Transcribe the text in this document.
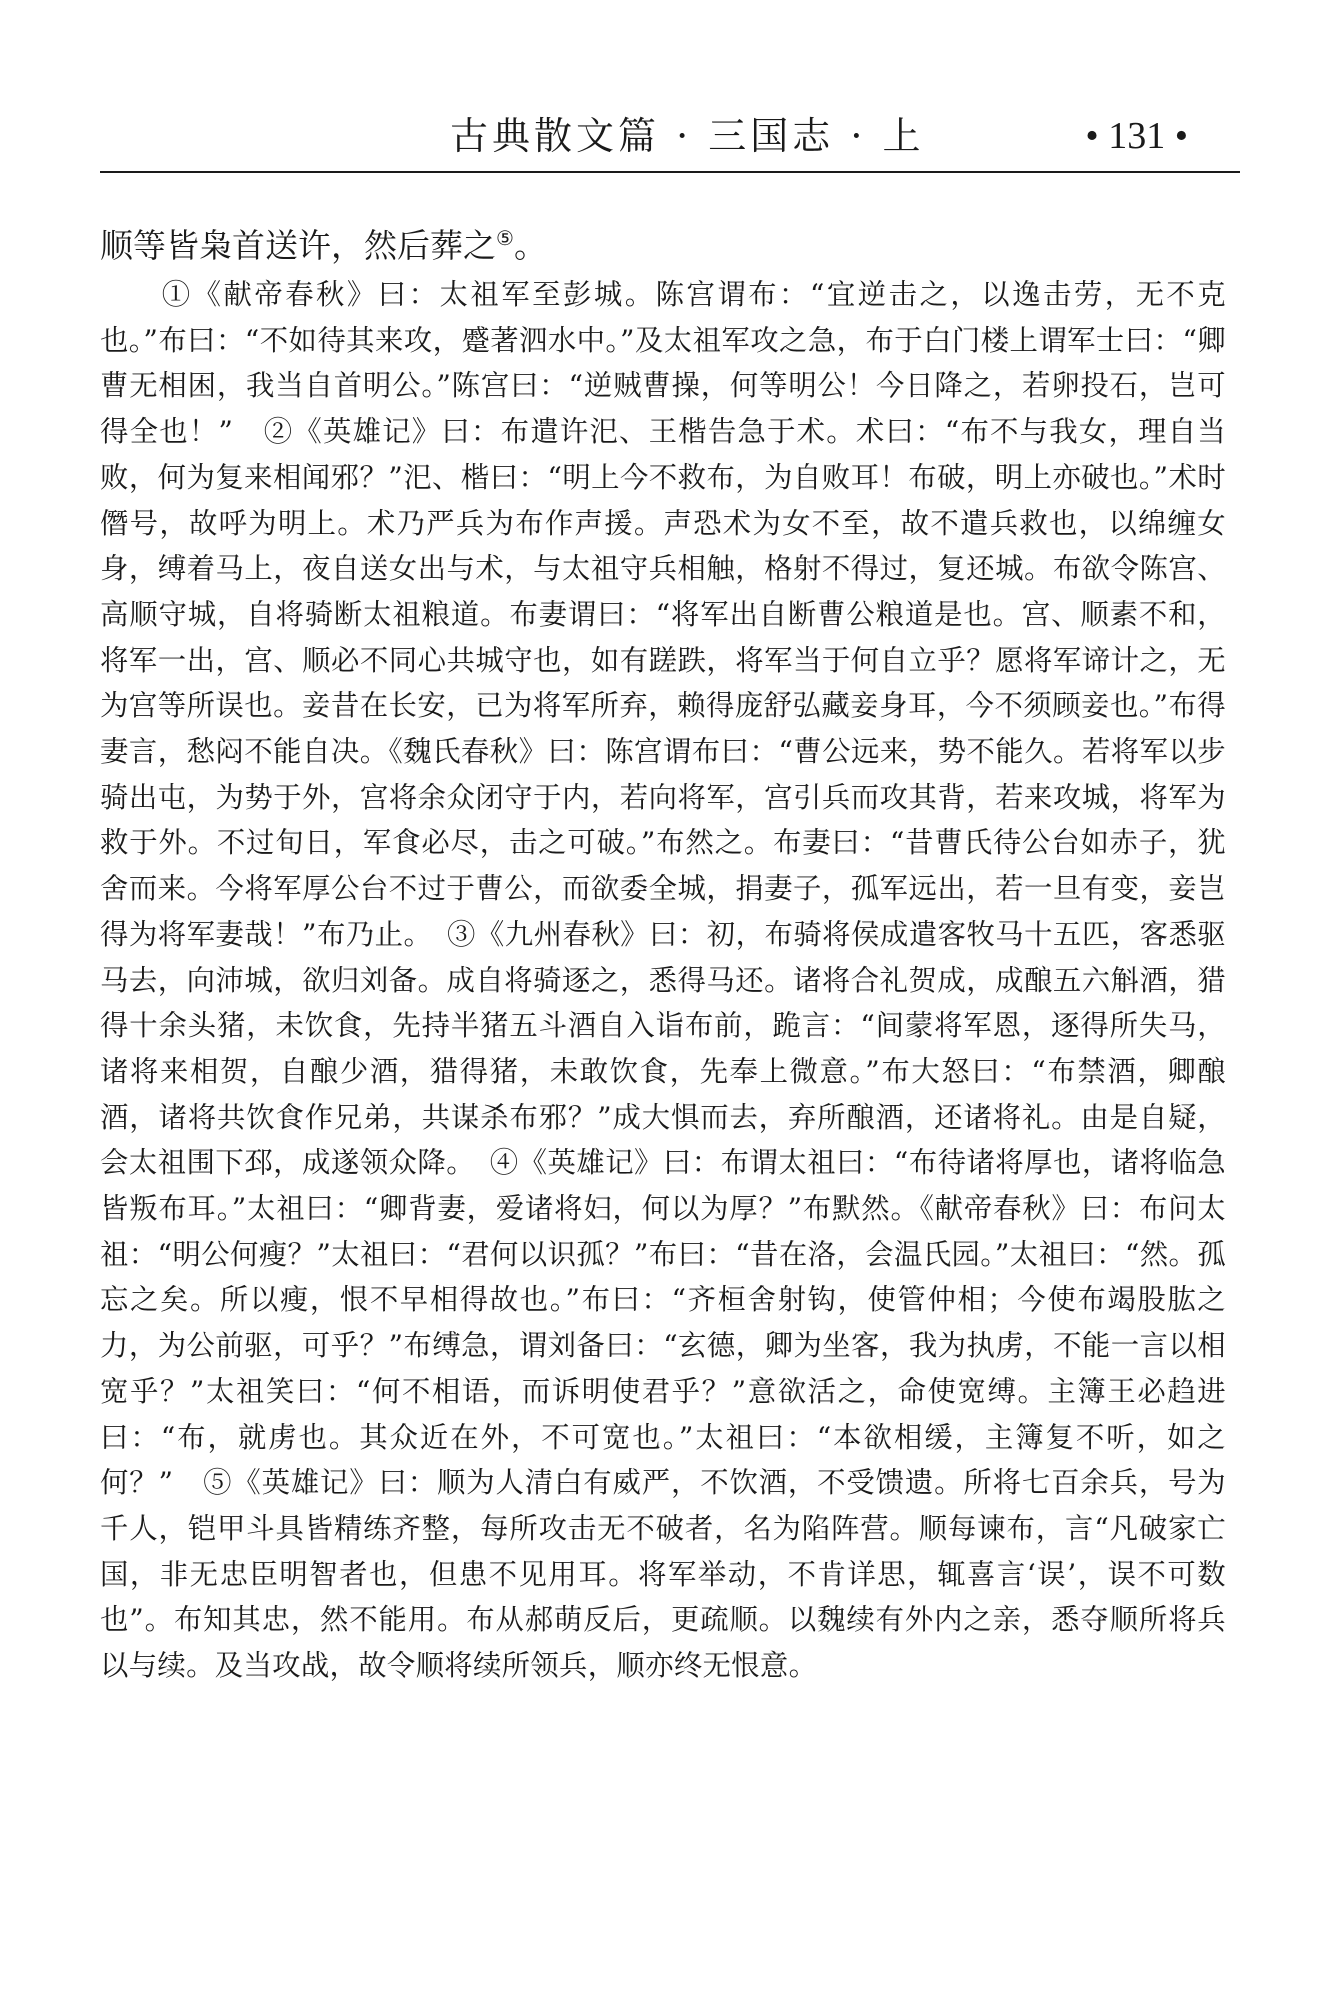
古典散文篇 · 三国志 · 上	• 131 •
顺等皆枭首送许，然后葬之⑤。

　　①《献帝春秋》曰：太祖军至彭城。陈宫谓布：“宜逆击之，以逸击劳，无不克也。”布曰：“不如待其来攻，蹙著泗水中。”及太祖军攻之急，布于白门楼上谓军士曰：“卿曹无相困，我当自首明公。”陈宫曰：“逆贼曹操，何等明公！今日降之，若卵投石，岂可得全也！”　②《英雄记》曰：布遣许汜、王楷告急于术。术曰：“布不与我女，理自当败，何为复来相闻邪？”汜、楷曰：“明上今不救布，为自败耳！布破，明上亦破也。”术时僭号，故呼为明上。术乃严兵为布作声援。声恐术为女不至，故不遣兵救也，以绵缠女身，缚着马上，夜自送女出与术，与太祖守兵相触，格射不得过，复还城。布欲令陈宫、高顺守城，自将骑断太祖粮道。布妻谓曰：“将军出自断曹公粮道是也。宫、顺素不和，将军一出，宫、顺必不同心共城守也，如有蹉跌，将军当于何自立乎？愿将军谛计之，无为宫等所误也。妾昔在长安，已为将军所弃，赖得庞舒弘藏妾身耳，今不须顾妾也。”布得妻言，愁闷不能自决。《魏氏春秋》曰：陈宫谓布曰：“曹公远来，势不能久。若将军以步骑出屯，为势于外，宫将余众闭守于内，若向将军，宫引兵而攻其背，若来攻城，将军为救于外。不过旬日，军食必尽，击之可破。”布然之。布妻曰：“昔曹氏待公台如赤子，犹舍而来。今将军厚公台不过于曹公，而欲委全城，捐妻子，孤军远出，若一旦有变，妾岂得为将军妻哉！”布乃止。　③《九州春秋》曰：初，布骑将侯成遣客牧马十五匹，客悉驱马去，向沛城，欲归刘备。成自将骑逐之，悉得马还。诸将合礼贺成，成酿五六斛酒，猎得十余头猪，未饮食，先持半猪五斗酒自入诣布前，跪言：“间蒙将军恩，逐得所失马，诸将来相贺，自酿少酒，猎得猪，未敢饮食，先奉上微意。”布大怒曰：“布禁酒，卿酿酒，诸将共饮食作兄弟，共谋杀布邪？”成大惧而去，弃所酿酒，还诸将礼。由是自疑，会太祖围下邳，成遂领众降。　④《英雄记》曰：布谓太祖曰：“布待诸将厚也，诸将临急皆叛布耳。”太祖曰：“卿背妻，爱诸将妇，何以为厚？”布默然。《献帝春秋》曰：布问太祖：“明公何瘦？”太祖曰：“君何以识孤？”布曰：“昔在洛，会温氏园。”太祖曰：“然。孤忘之矣。所以瘦，恨不早相得故也。”布曰：“齐桓舍射钩，使管仲相；今使布竭股肱之力，为公前驱，可乎？”布缚急，谓刘备曰：“玄德，卿为坐客，我为执虏，不能一言以相宽乎？”太祖笑曰：“何不相语，而诉明使君乎？”意欲活之，命使宽缚。主簿王必趋进曰：“布，就虏也。其众近在外，不可宽也。”太祖曰：“本欲相缓，主簿复不听，如之何？”　⑤《英雄记》曰：顺为人清白有威严，不饮酒，不受馈遗。所将七百余兵，号为千人，铠甲斗具皆精练齐整，每所攻击无不破者，名为陷阵营。顺每谏布，言“凡破家亡国，非无忠臣明智者也，但患不见用耳。将军举动，不肯详思，辄喜言‘误’，误不可数也”。布知其忠，然不能用。布从郝萌反后，更疏顺。以魏续有外内之亲，悉夺顺所将兵以与续。及当攻战，故令顺将续所领兵，顺亦终无恨意。
